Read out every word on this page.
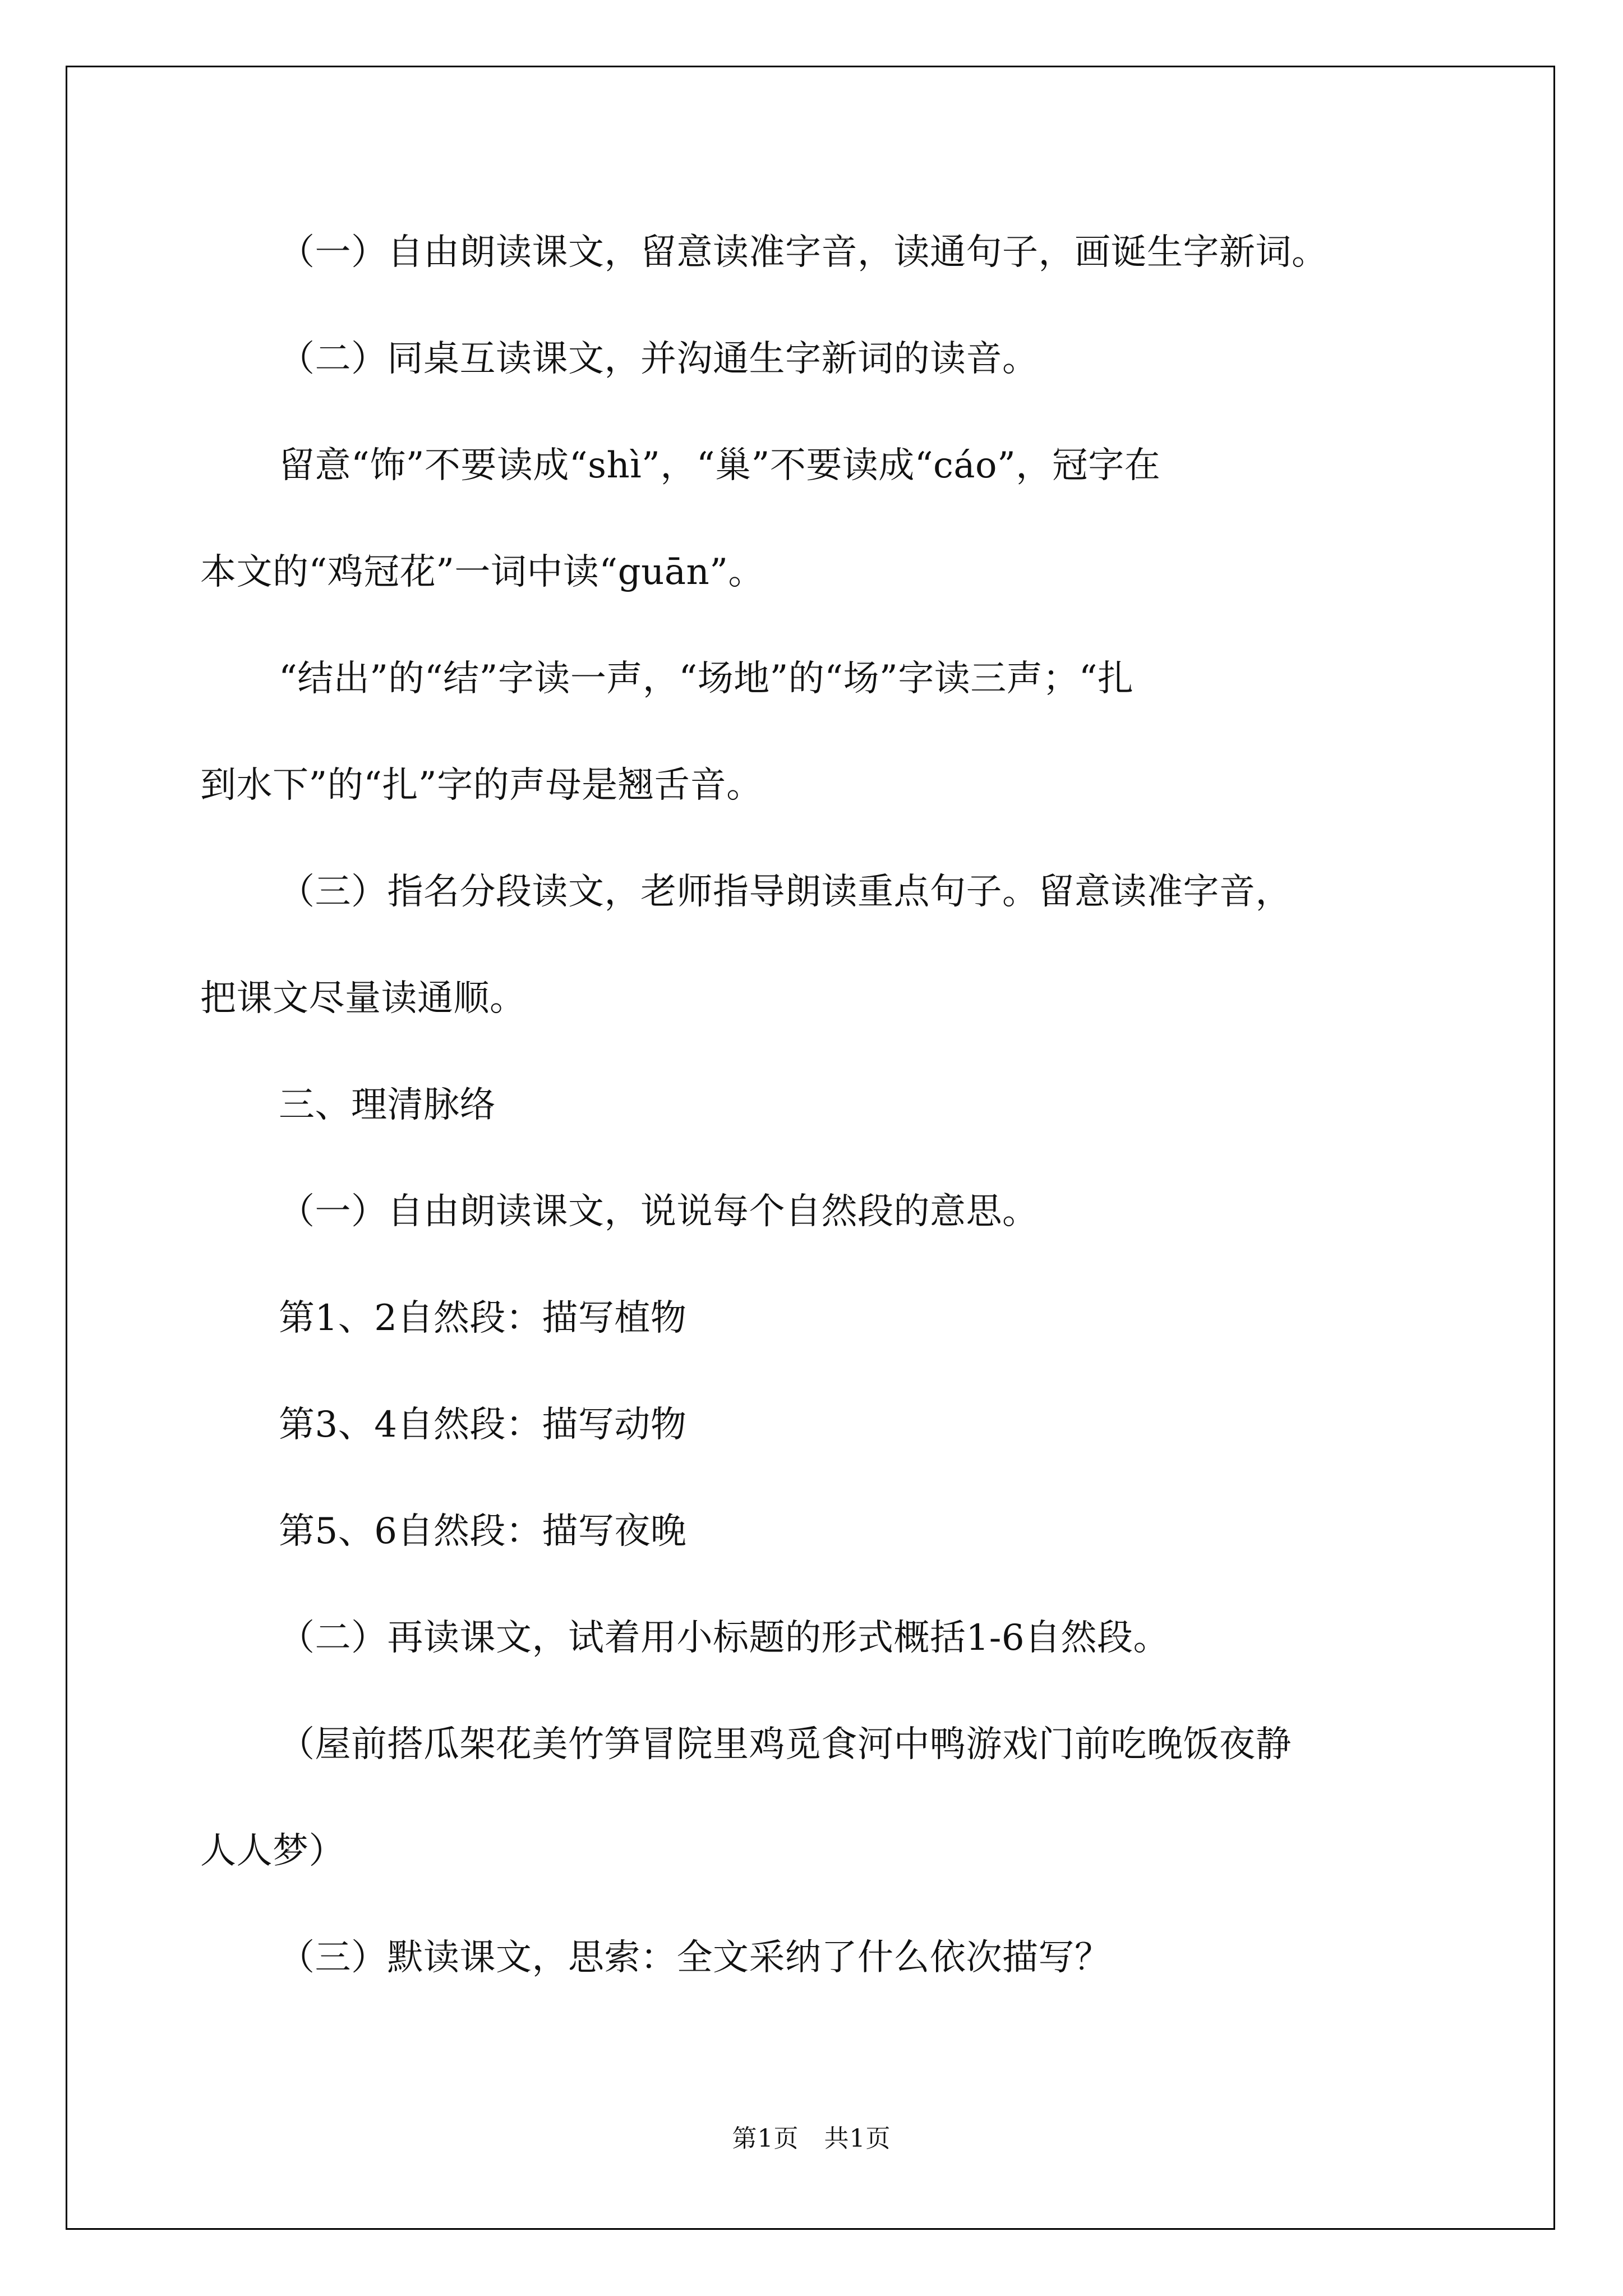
（一）自由朗读课文，留意读准字音，读通句子，画诞生字新词。
（二）同桌互读课文，并沟通生字新词的读音。
留意“饰”不要读成“shì”，“巢”不要读成“cáo”，冠字在
本文的“鸡冠花”一词中读“guān”。
“结出”的“结”字读一声，“场地”的“场”字读三声；“扎
到水下”的“扎”字的声母是翘舌音。
（三）指名分段读文，老师指导朗读重点句子。留意读准字音，
把课文尽量读通顺。
三、理清脉络
（一）自由朗读课文，说说每个自然段的意思。
第1、2自然段：描写植物
第3、4自然段：描写动物
第5、6自然段：描写夜晚
（二）再读课文，试着用小标题的形式概括1-6自然段。
（屋前搭瓜架花美竹笋冒院里鸡觅食河中鸭游戏门前吃晚饭夜静
人人梦）
（三）默读课文，思索：全文采纳了什么依次描写？
第1页　共1页
